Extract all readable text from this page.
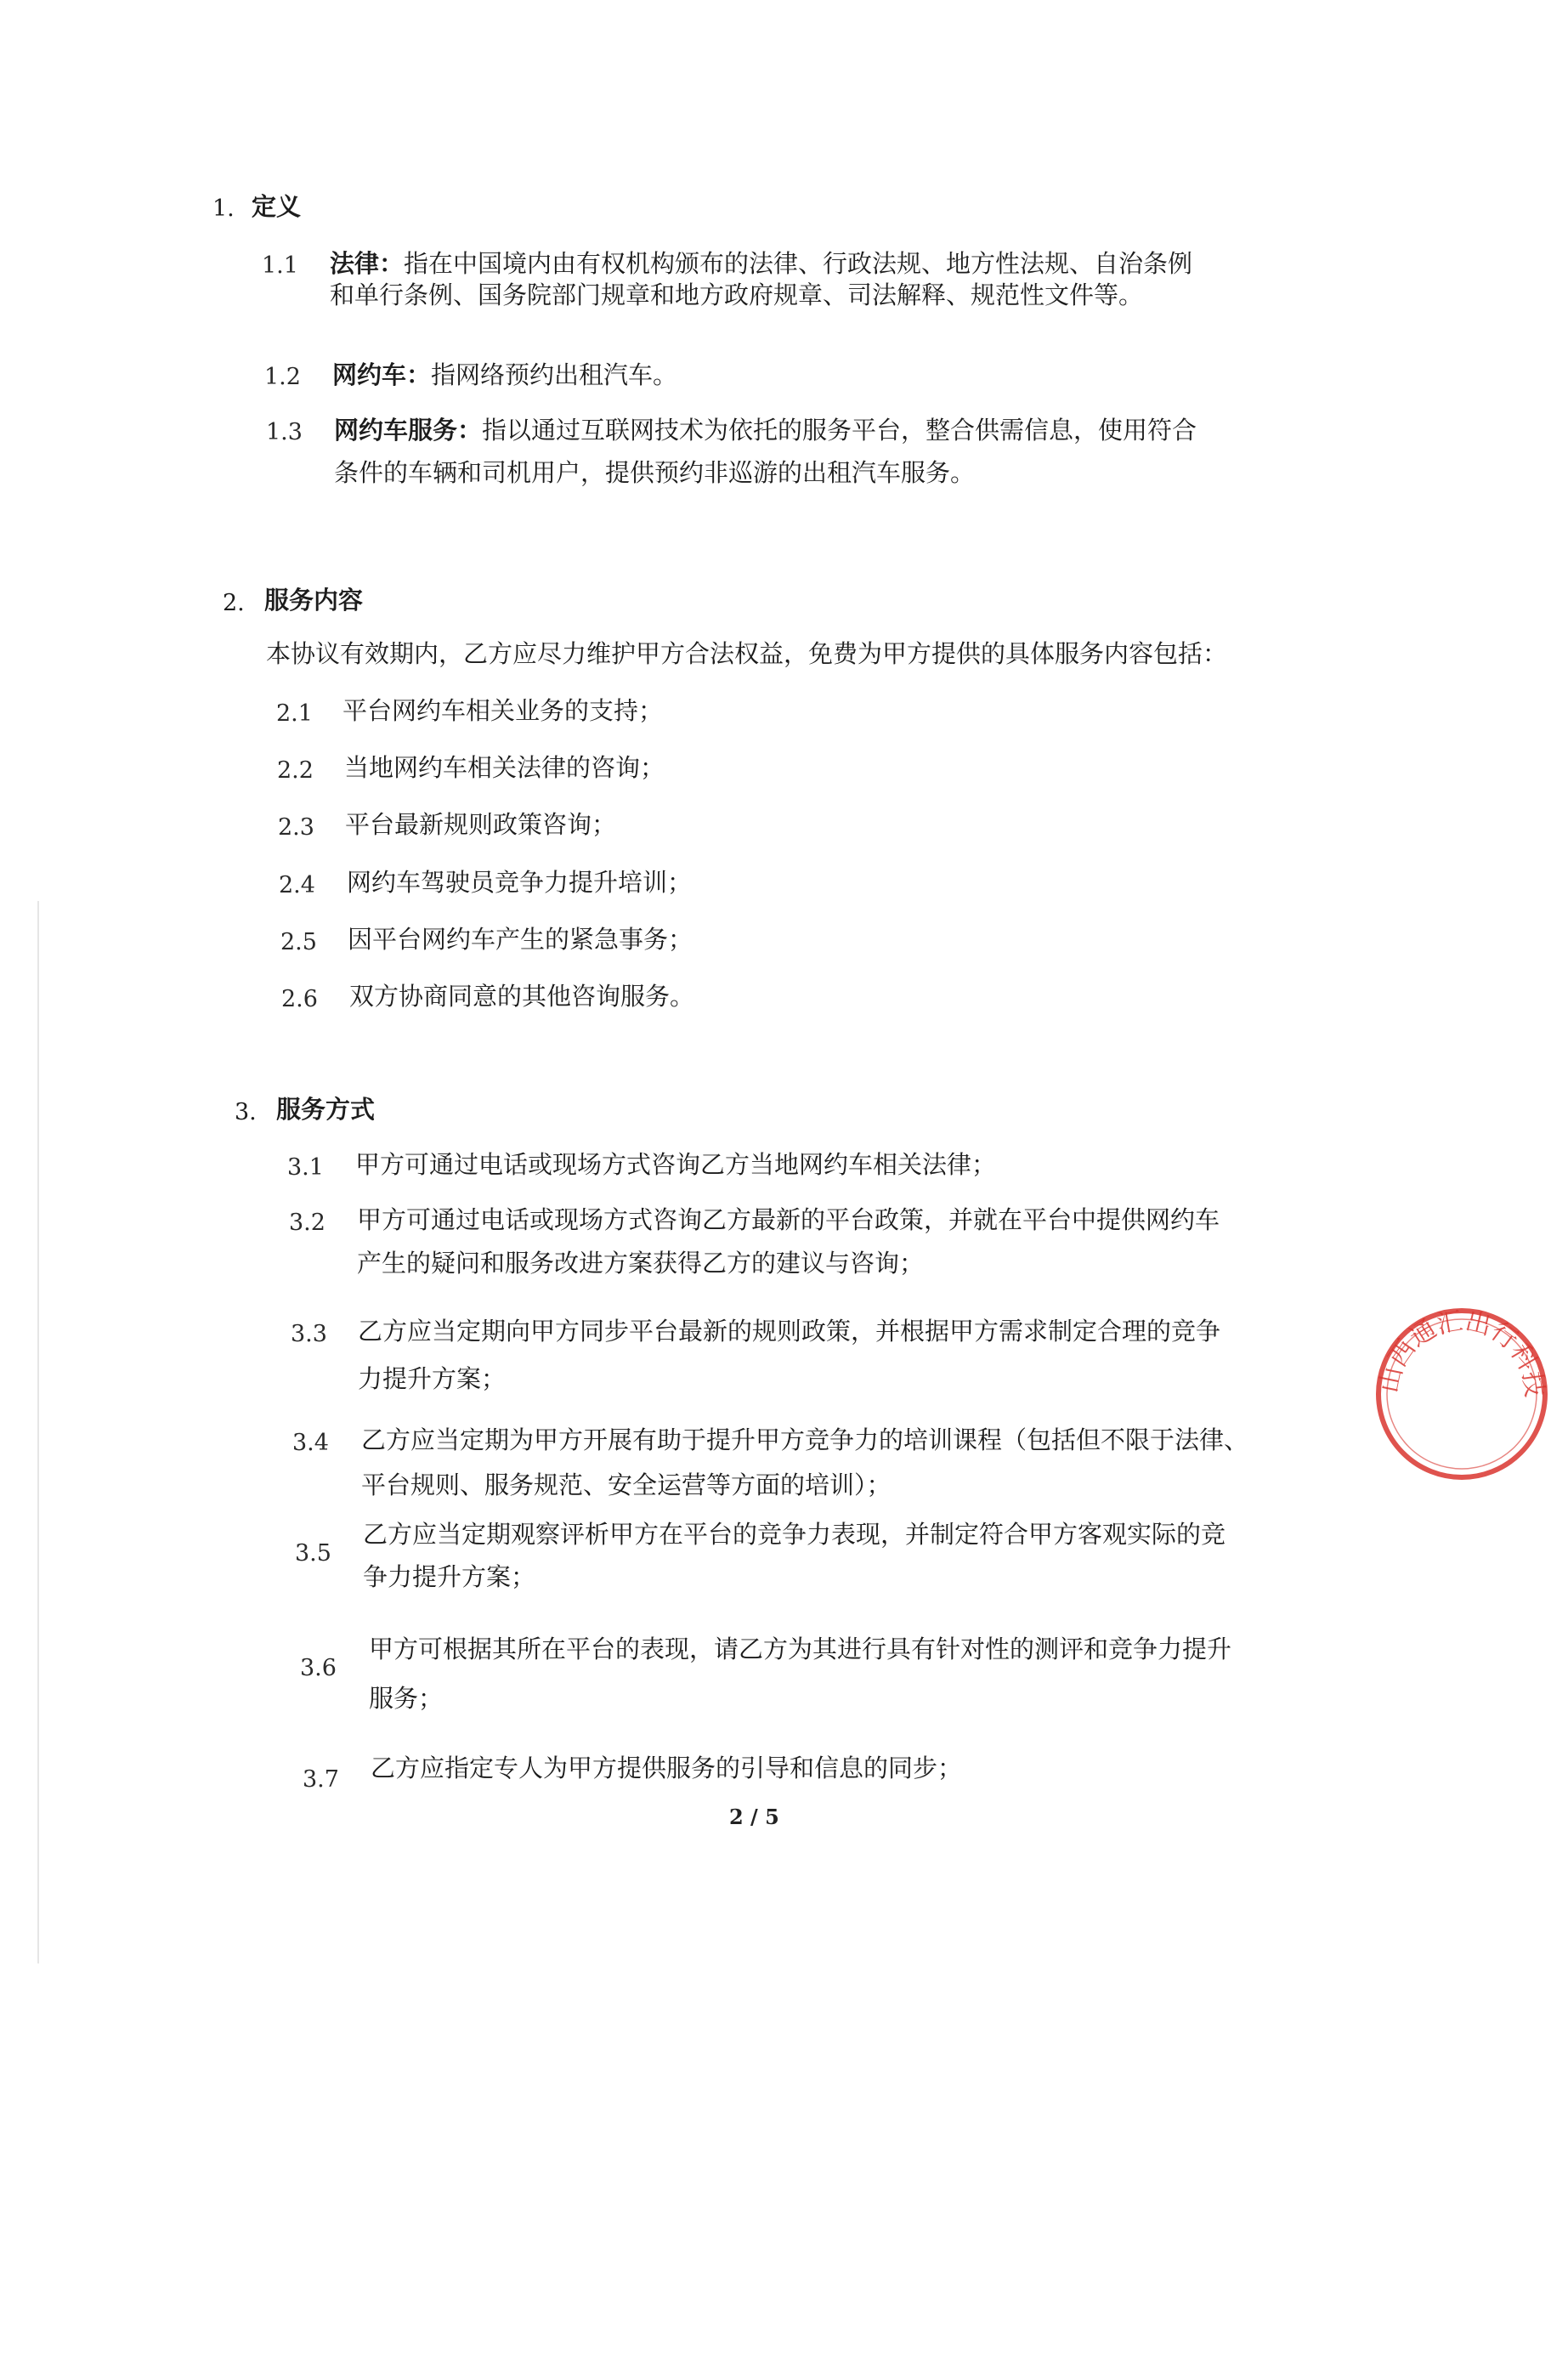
1. 定义
1.1 法律：指在中国境内由有权机构颁布的法律、行政法规、地方性法规、自治条例
和单行条例、国务院部门规章和地方政府规章、司法解释、规范性文件等。
1.2 网约车：指网络预约出租汽车。
1.3 网约车服务：指以通过互联网技术为依托的服务平台，整合供需信息，使用符合
条件的车辆和司机用户，提供预约非巡游的出租汽车服务。
2. 服务内容
本协议有效期内，乙方应尽力维护甲方合法权益，免费为甲方提供的具体服务内容包括：
2.1 平台网约车相关业务的支持；
2.2 当地网约车相关法律的咨询；
2.3 平台最新规则政策咨询；
2.4 网约车驾驶员竞争力提升培训；
2.5 因平台网约车产生的紧急事务；
2.6 双方协商同意的其他咨询服务。
3. 服务方式
3.1 甲方可通过电话或现场方式咨询乙方当地网约车相关法律；
3.2 甲方可通过电话或现场方式咨询乙方最新的平台政策，并就在平台中提供网约车
产生的疑问和服务改进方案获得乙方的建议与咨询；
3.3 乙方应当定期向甲方同步平台最新的规则政策，并根据甲方需求制定合理的竞争
力提升方案；
3.4 乙方应当定期为甲方开展有助于提升甲方竞争力的培训课程（包括但不限于法律、
平台规则、服务规范、安全运营等方面的培训）；
3.5
乙方应当定期观察评析甲方在平台的竞争力表现，并制定符合甲方客观实际的竞
争力提升方案；
3.6
甲方可根据其所在平台的表现，请乙方为其进行具有针对性的测评和竞争力提升
服务；
3.7 乙方应指定专人为甲方提供服务的引导和信息的同步；
2 / 5
山西通汇出行科技
